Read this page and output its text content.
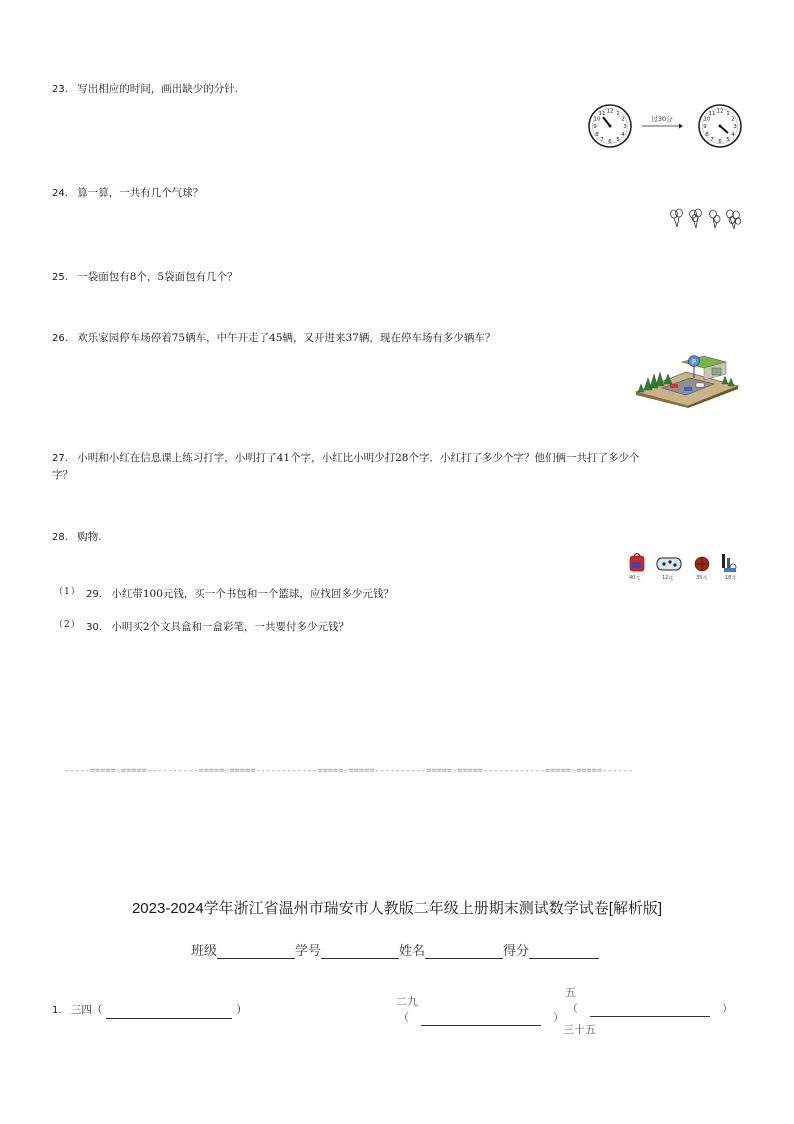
23. 写出相应的时间，画出缺少的分针.
12
3
6
9
1
2
4
5
7
8
10
11
过30分
12
3
6
9
1
2
4
5
7
8
10
11
24. 算一算，一共有几个气球？
25. 一袋面包有8个，5袋面包有几个？
26. 欢乐家园停车场停着75辆车，中午开走了45辆，又开进来37辆，现在停车场有多少辆车？
P
27. 小明和小红在信息课上练习打字，小明打了41个字，小红比小明少打28个字．小红打了多少个字？他们俩一共打了多少个
字？
28. 购物.
40元	12元	35元	18元
（1） 29. 小红带100元钱，买一个书包和一个篮球，应找回多少元钱？
（2） 30. 小明买2个文具盒和一盒彩笔，一共要付多少元钱？
-----=====☆=====----------=====☆=====------------=====☆=====----------=====☆=====------------=====☆=====------
2023-2024学年浙江省温州市瑞安市人教版二年级上册期末测试数学试卷[解析版]
班级	学号	姓名	得分
1. 三四（	）
二九
（	）
五
（	）
三十五
